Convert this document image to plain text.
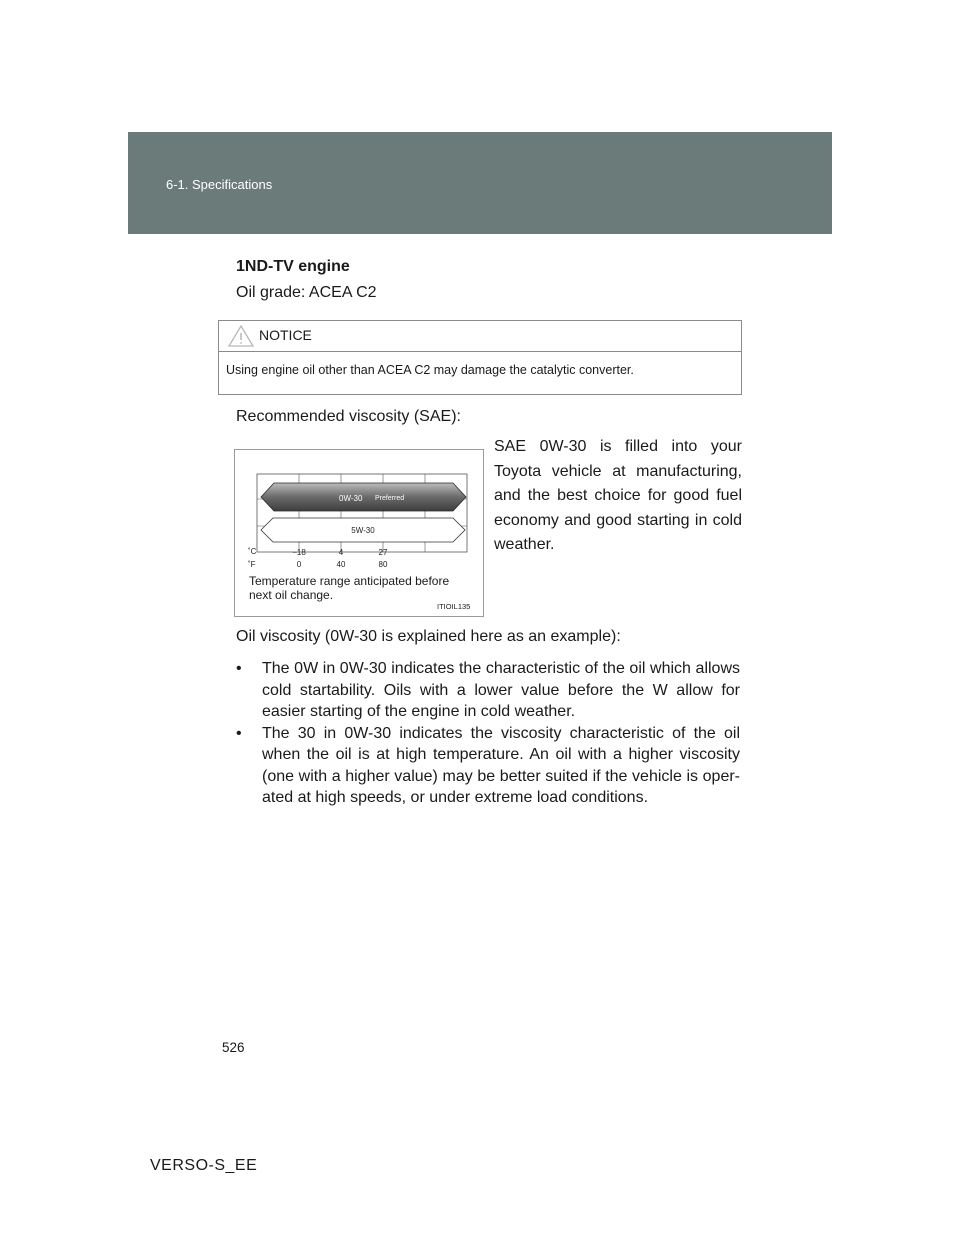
6-1. Specifications
1ND-TV engine
Oil grade: ACEA C2
NOTICE
Using engine oil other than ACEA C2 may damage the catalytic converter.
Recommended viscosity (SAE):
SAE 0W-30 is filled into your Toyota vehicle at manufacturing, and the best choice for good fuel economy and good starting in cold weather.
0W-30 Preferred
5W-30
˚C
˚F
−18	4	27
0	40	80
Temperature range anticipated before
next oil change.
ITIOIL135
Oil viscosity (0W-30 is explained here as an example):
• The 0W in 0W-30 indicates the characteristic of the oil which allows cold startability. Oils with a lower value before the W allow for easier starting of the engine in cold weather.
• The 30 in 0W-30 indicates the viscosity characteristic of the oil when the oil is at high temperature. An oil with a higher viscosity (one with a higher value) may be better suited if the vehicle is oper-ated at high speeds, or under extreme load conditions.
526
VERSO-S_EE
